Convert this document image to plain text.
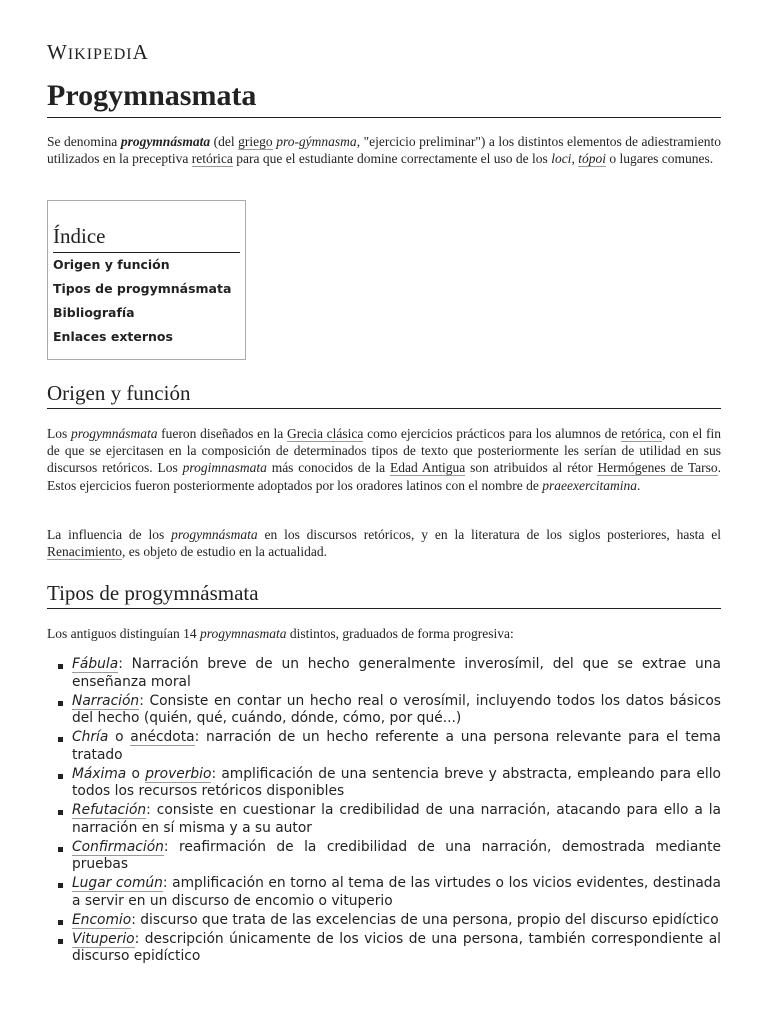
WIKIPEDIA
Progymnasmata

Se denomina progymnásmata (del griego pro-gýmnasma, "ejercicio preliminar") a los distintos elementos de adiestramiento utilizados en la preceptiva retórica para que el estudiante domine correctamente el uso de los loci, tópoi o lugares comunes.

Índice
Origen y función
Tipos de progymnásmata
Bibliografía
Enlaces externos
Origen y función

Los progymnásmata fueron diseñados en la Grecia clásica como ejercicios prácticos para los alumnos de retórica, con el fin de que se ejercitasen en la composición de determinados tipos de texto que posteriormente les serían de utilidad en sus discursos retóricos. Los progimnasmata más conocidos de la Edad Antigua son atribuidos al rétor Hermógenes de Tarso. Estos ejercicios fueron posteriormente adoptados por los oradores latinos con el nombre de praeexercitamina.

La influencia de los progymnásmata en los discursos retóricos, y en la literatura de los siglos posteriores, hasta el Renacimiento, es objeto de estudio en la actualidad.

Tipos de progymnásmata

Los antiguos distinguían 14 progymnasmata distintos, graduados de forma progresiva:

Fábula: Narración breve de un hecho generalmente inverosímil, del que se extrae una enseñanza moral
Narración: Consiste en contar un hecho real o verosímil, incluyendo todos los datos básicos del hecho (quién, qué, cuándo, dónde, cómo, por qué...)
Chría o anécdota: narración de un hecho referente a una persona relevante para el tema tratado
Máxima o proverbio: amplificación de una sentencia breve y abstracta, empleando para ello todos los recursos retóricos disponibles
Refutación: consiste en cuestionar la credibilidad de una narración, atacando para ello a la narración en sí misma y a su autor
Confirmación: reafirmación de la credibilidad de una narración, demostrada mediante pruebas
Lugar común: amplificación en torno al tema de las virtudes o los vicios evidentes, destinada a servir en un discurso de encomio o vituperio
Encomio: discurso que trata de las excelencias de una persona, propio del discurso epidíctico
Vituperio: descripción únicamente de los vicios de una persona, también correspondiente al discurso epidíctico
